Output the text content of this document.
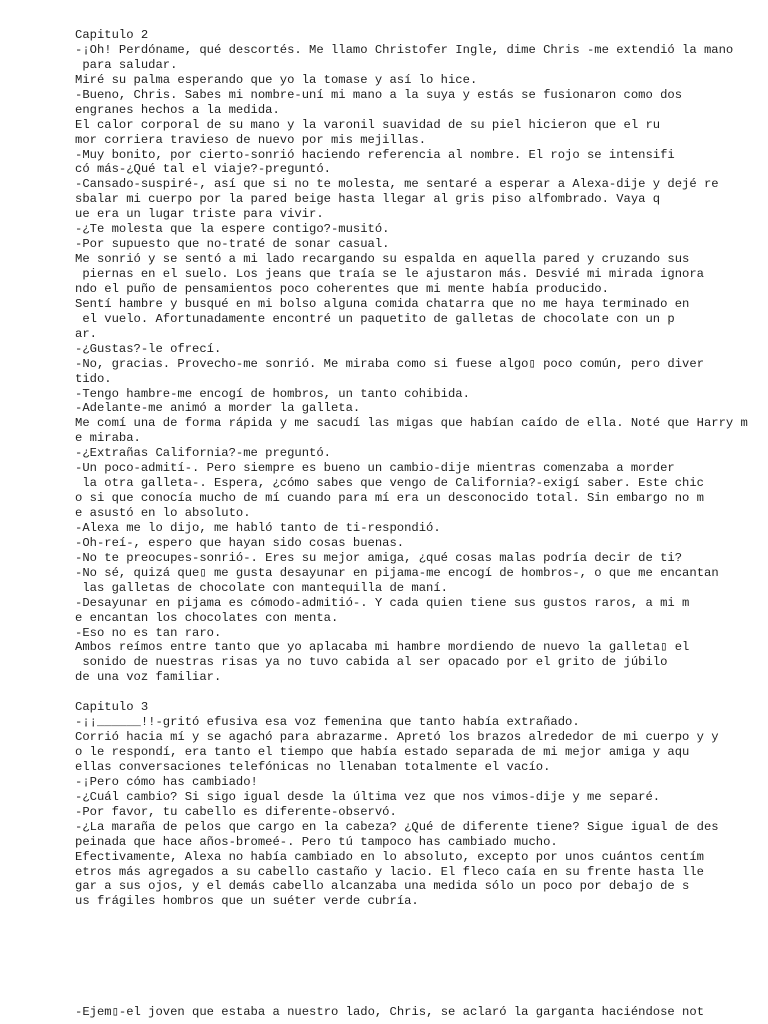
Capitulo 2
-¡Oh! Perdóname, qué descortés. Me llamo Christofer Ingle, dime Chris -me extendió la mano
para saludar.
Miré su palma esperando que yo la tomase y así lo hice.
-Bueno, Chris. Sabes mi nombre-uní mi mano a la suya y estás se fusionaron como dos
engranes hechos a la medida.
El calor corporal de su mano y la varonil suavidad de su piel hicieron que el ru
mor corriera travieso de nuevo por mis mejillas.
-Muy bonito, por cierto-sonrió haciendo referencia al nombre. El rojo se intensifi
có más-¿Qué tal el viaje?-preguntó.
-Cansado-suspiré-, así que si no te molesta, me sentaré a esperar a Alexa-dije y dejé re
sbalar mi cuerpo por la pared beige hasta llegar al gris piso alfombrado. Vaya q
ue era un lugar triste para vivir.
-¿Te molesta que la espere contigo?-musitó.
-Por supuesto que no-traté de sonar casual.
Me sonrió y se sentó a mi lado recargando su espalda en aquella pared y cruzando sus
piernas en el suelo. Los jeans que traía se le ajustaron más. Desvié mi mirada ignora
ndo el puño de pensamientos poco coherentes que mi mente había producido.
Sentí hambre y busqué en mi bolso alguna comida chatarra que no me haya terminado en
el vuelo. Afortunadamente encontré un paquetito de galletas de chocolate con un p
ar.
-¿Gustas?-le ofrecí.
-No, gracias. Provecho-me sonrió. Me miraba como si fuese algo▯ poco común, pero diver
tido.
-Tengo hambre-me encogí de hombros, un tanto cohibida.
-Adelante-me animó a morder la galleta.
Me comí una de forma rápida y me sacudí las migas que habían caído de ella. Noté que Harry m
e miraba.
-¿Extrañas California?-me preguntó.
-Un poco-admití-. Pero siempre es bueno un cambio-dije mientras comenzaba a morder
la otra galleta-. Espera, ¿cómo sabes que vengo de California?-exigí saber. Este chic
o si que conocía mucho de mí cuando para mí era un desconocido total. Sin embargo no m
e asustó en lo absoluto.
-Alexa me lo dijo, me habló tanto de ti-respondió.
-Oh-reí-, espero que hayan sido cosas buenas.
-No te preocupes-sonrió-. Eres su mejor amiga, ¿qué cosas malas podría decir de ti?
-No sé, quizá que▯ me gusta desayunar en pijama-me encogí de hombros-, o que me encantan
las galletas de chocolate con mantequilla de maní.
-Desayunar en pijama es cómodo-admitió-. Y cada quien tiene sus gustos raros, a mi m
e encantan los chocolates con menta.
-Eso no es tan raro.
Ambos reímos entre tanto que yo aplacaba mi hambre mordiendo de nuevo la galleta▯ el
sonido de nuestras risas ya no tuvo cabida al ser opacado por el grito de júbilo
de una voz familiar.
Capitulo 3
-¡¡______!!-gritó efusiva esa voz femenina que tanto había extrañado.
Corrió hacia mí y se agachó para abrazarme. Apretó los brazos alrededor de mi cuerpo y y
o le respondí, era tanto el tiempo que había estado separada de mi mejor amiga y aqu
ellas conversaciones telefónicas no llenaban totalmente el vacío.
-¡Pero cómo has cambiado!
-¿Cuál cambio? Si sigo igual desde la última vez que nos vimos-dije y me separé.
-Por favor, tu cabello es diferente-observó.
-¿La maraña de pelos que cargo en la cabeza? ¿Qué de diferente tiene? Sigue igual de des
peinada que hace años-bromeé-. Pero tú tampoco has cambiado mucho.
Efectivamente, Alexa no había cambiado en lo absoluto, excepto por unos cuántos centím
etros más agregados a su cabello castaño y lacio. El fleco caía en su frente hasta lle
gar a sus ojos, y el demás cabello alcanzaba una medida sólo un poco por debajo de s
us frágiles hombros que un suéter verde cubría.
-Ejem▯-el joven que estaba a nuestro lado, Chris, se aclaró la garganta haciéndose not
